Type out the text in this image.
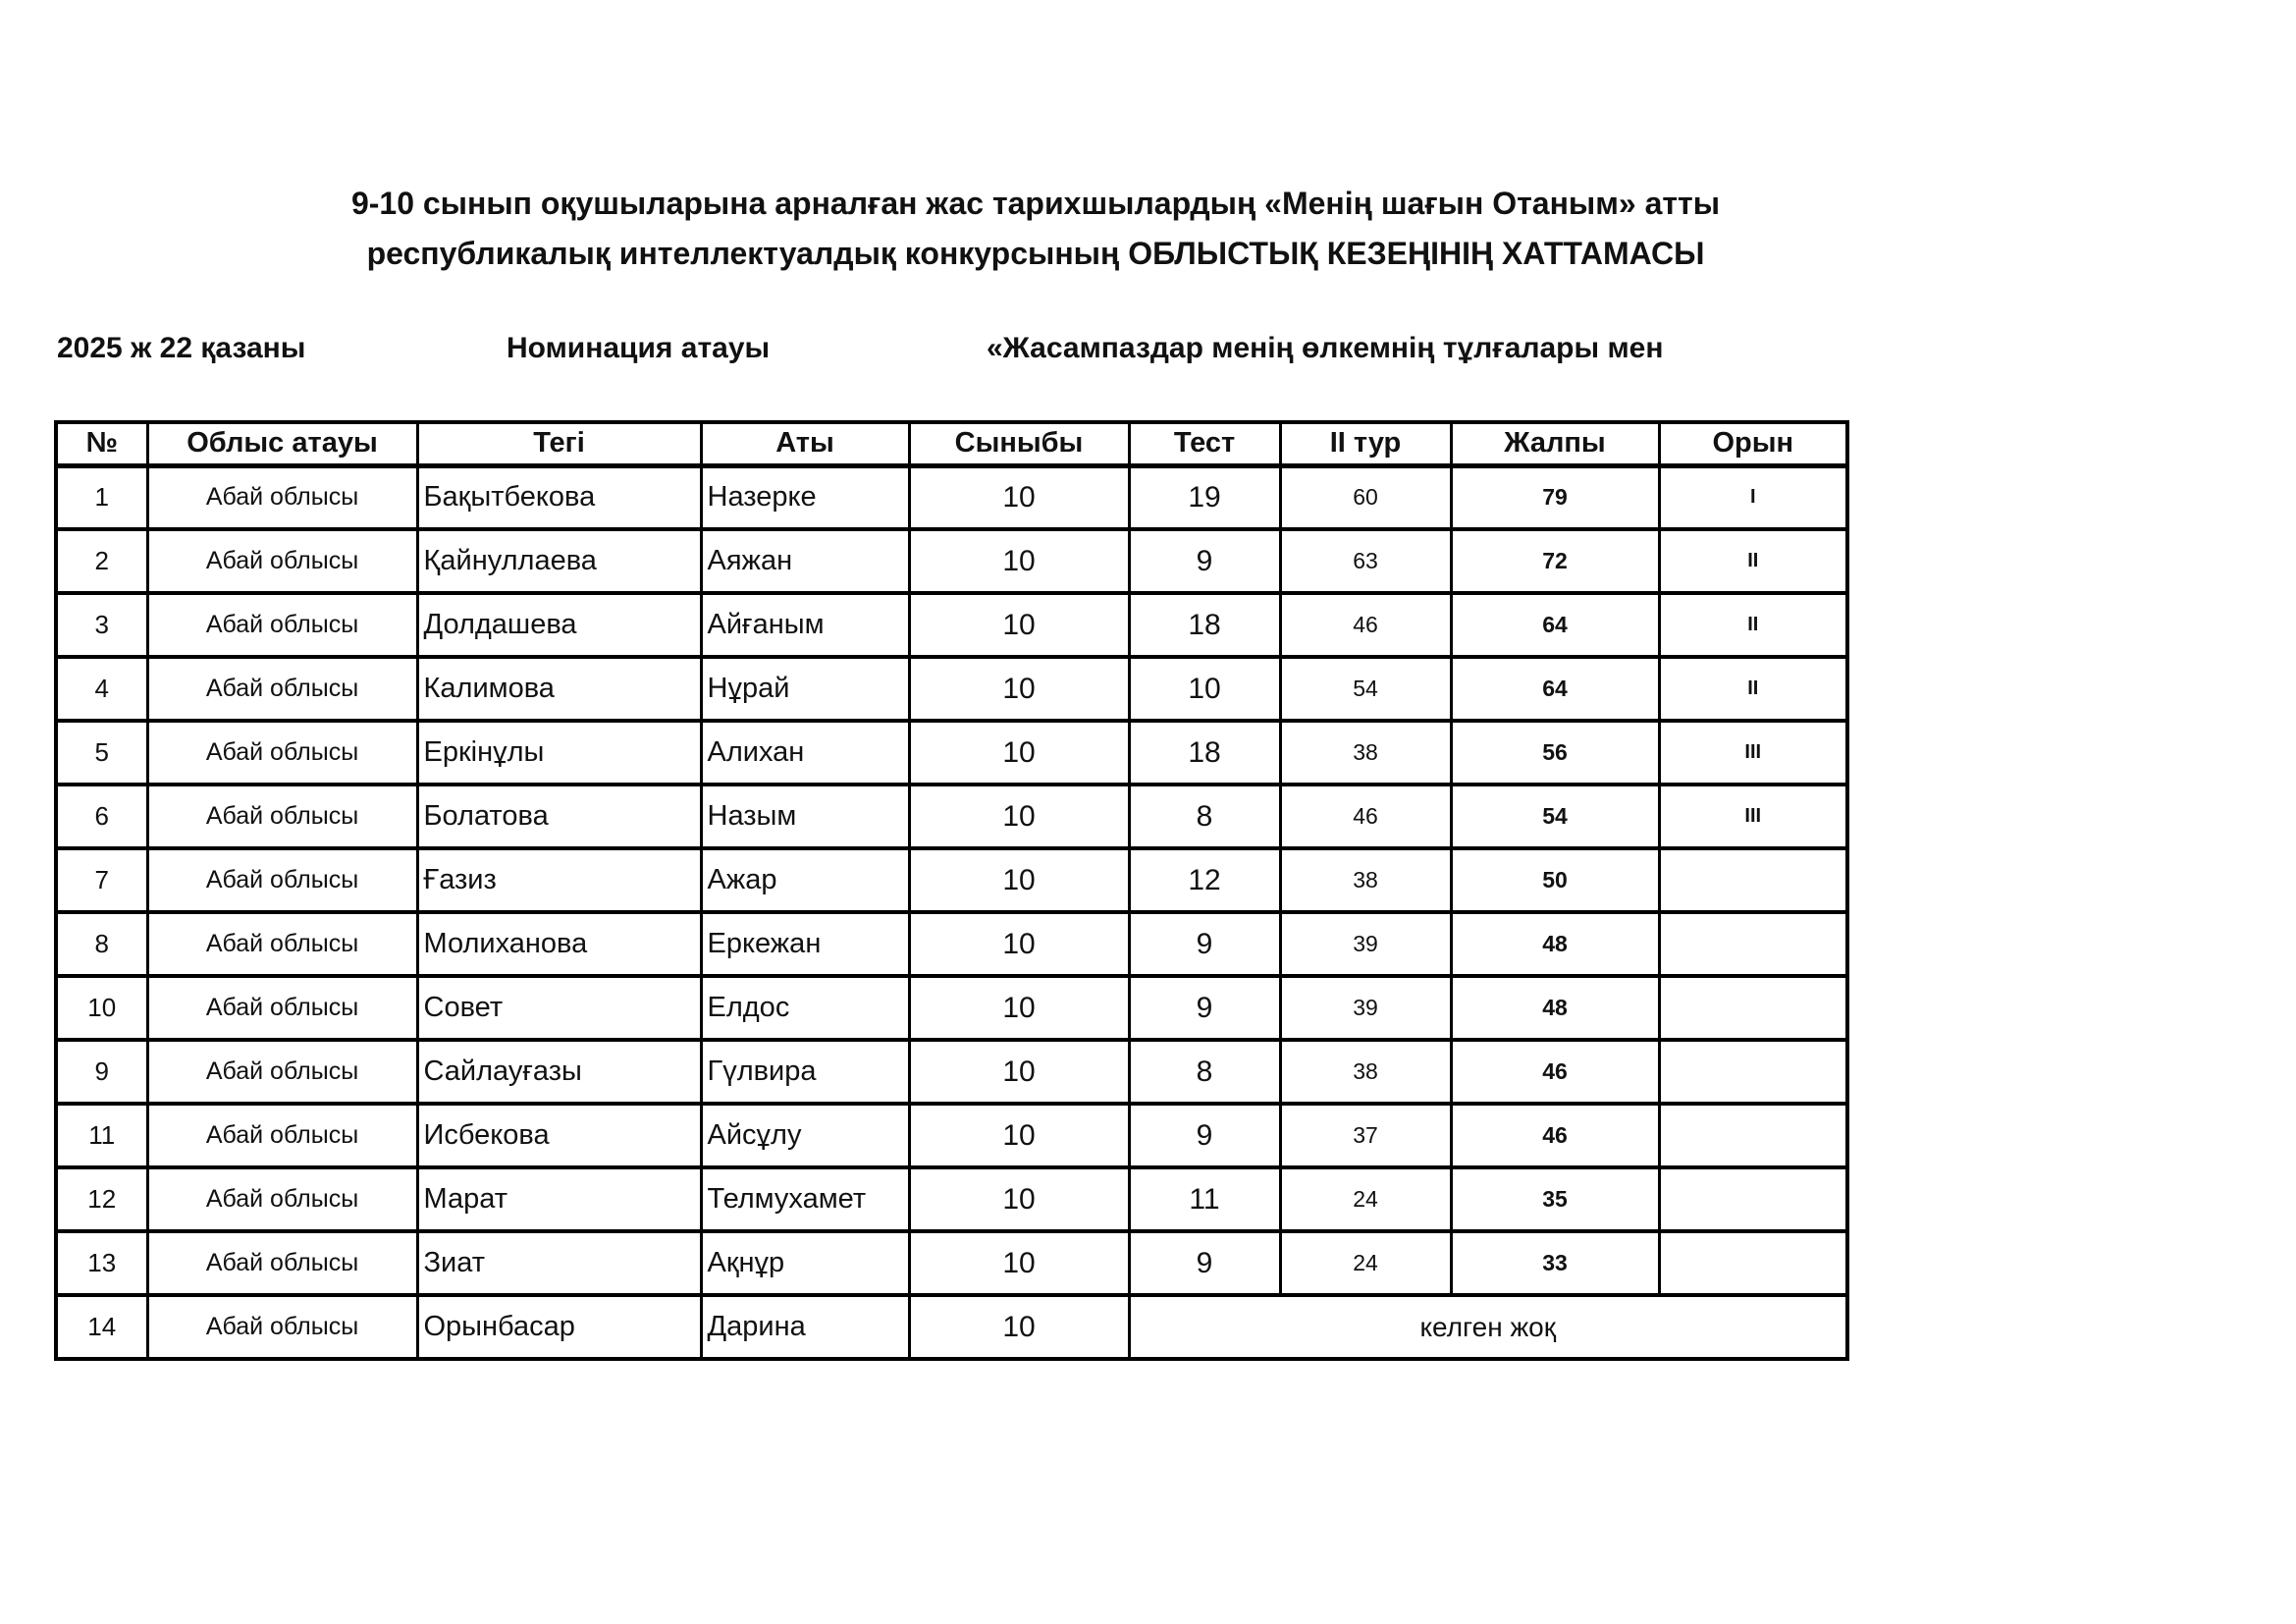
9-10 сынып оқушыларына арналған жас тарихшылардың «Менің шағын Отаным» атты
республикалық интеллектуалдық конкурсының ОБЛЫСТЫҚ КЕЗЕҢІНІҢ ХАТТАМАСЫ
2025 ж 22 қазаны	Номинация атауы	«Жасампаздар менің өлкемнің тұлғалары мен
№	Облыс атауы	Тегі	Аты	Сыныбы	Тест	II тур	Жалпы	Орын
1	Абай облысы	Бақытбекова	Назерке	10	19	60	79	I
2	Абай облысы	Қайнуллаева	Аяжан	10	9	63	72	II
3	Абай облысы	Долдашева	Айғаным	10	18	46	64	II
4	Абай облысы	Калимова	Нұрай	10	10	54	64	II
5	Абай облысы	Еркінұлы	Алихан	10	18	38	56	III
6	Абай облысы	Болатова	Назым	10	8	46	54	III
7	Абай облысы	Ғазиз	Ажар	10	12	38	50	
8	Абай облысы	Молиханова	Еркежан	10	9	39	48	
10	Абай облысы	Совет	Елдос	10	9	39	48	
9	Абай облысы	Сайлауғазы	Гүлвира	10	8	38	46	
11	Абай облысы	Исбекова	Айсұлу	10	9	37	46	
12	Абай облысы	Марат	Телмухамет	10	11	24	35	
13	Абай облысы	Зиат	Ақнұр	10	9	24	33	
14	Абай облысы	Орынбасар	Дарина	10	келген жоқ			
